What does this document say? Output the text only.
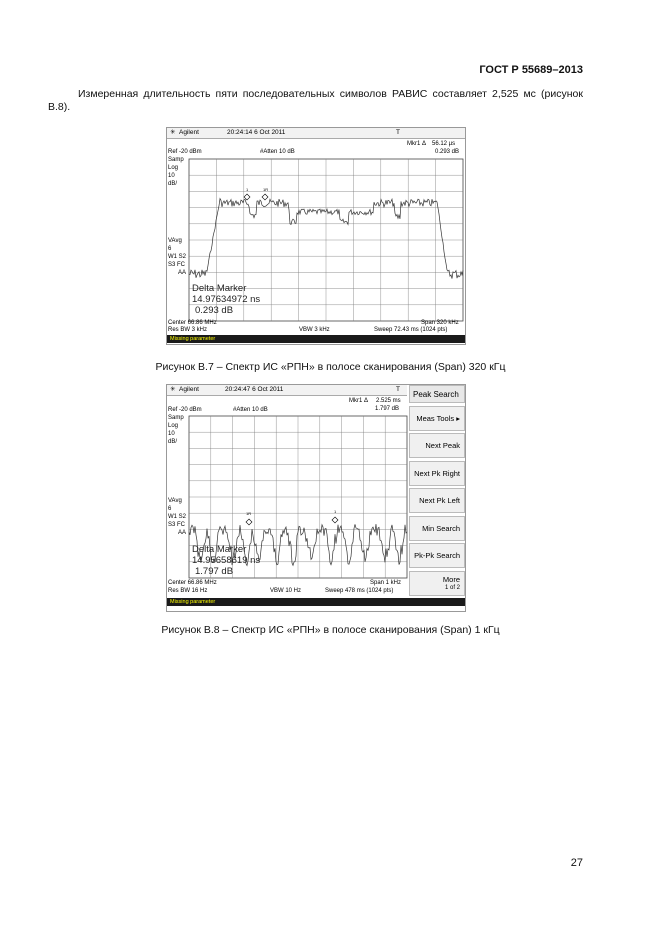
ГОСТ Р 55689–2013
Измеренная длительность пяти последовательных символов РАВИС составляет 2,525 мс (рисунок В.8).
✳ Agilent	20:24:14 6 Oct 2011	T
Mkr1 Δ 56.12 µs
0.293 dB
Ref -20 dBm	#Atten 10 dB
Samp
Log
10
dB/
VAvg
6
W1 S2
S3 FC
AA
1	1R
Delta Marker
14.97634972 ns
0.293 dB
Center 66.86 MHz	Span 320 kHz
Res BW 3 kHz	VBW 3 kHz	Sweep 72.43 ms (1024 pts)
Missing parameter
Рисунок В.7 – Спектр ИС «РПН» в полосе сканирования (Span) 320 кГц
✳ Agilent	20:24:47 6 Oct 2011	T
Mkr1 Δ 2.525 ms
1.797 dB
Ref -20 dBm	#Atten 10 dB
Samp
Log
10
dB/
VAvg
6
W1 S2
S3 FC
AA
1R	1
Delta Marker
14.95658619 ns
1.797 dB
Center 66.86 MHz	Span 1 kHz
Res BW 16 Hz	VBW 10 Hz	Sweep 478 ms (1024 pts)
Missing parameter
Peak Search
Meas Tools ▸
Next Peak
Next Pk Right
Next Pk Left
Min Search
Pk-Pk Search
More
1 of 2
Рисунок В.8 – Спектр ИС «РПН» в полосе сканирования (Span) 1 кГц
27
